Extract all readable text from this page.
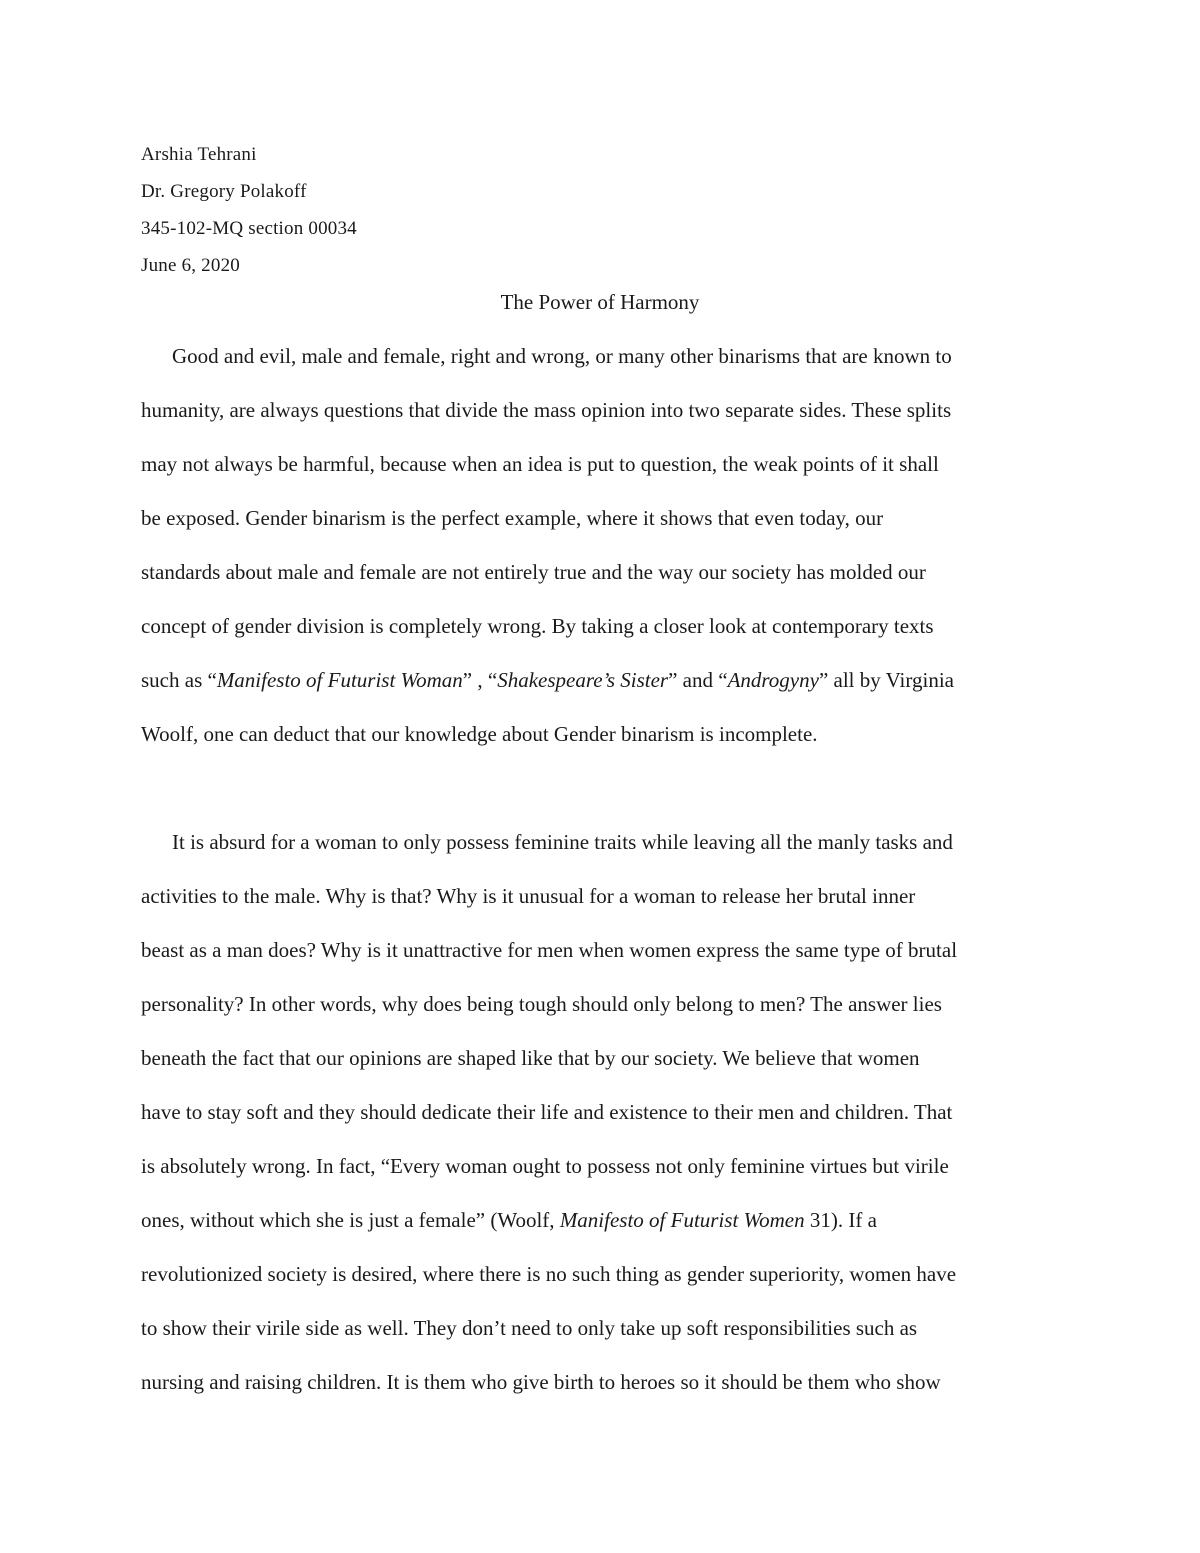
Arshia Tehrani
Dr. Gregory Polakoff
345-102-MQ section 00034
June 6, 2020
The Power of Harmony
Good and evil, male and female, right and wrong, or many other binarisms that are known to
humanity, are always questions that divide the mass opinion into two separate sides. These splits
may not always be harmful, because when an idea is put to question, the weak points of it shall
be exposed. Gender binarism is the perfect example, where it shows that even today, our
standards about male and female are not entirely true and the way our society has molded our
concept of gender division is completely wrong. By taking a closer look at contemporary texts
such as “Manifesto of Futurist Woman” , “Shakespeare’s Sister” and “Androgyny” all by Virginia
Woolf, one can deduct that our knowledge about Gender binarism is incomplete.
It is absurd for a woman to only possess feminine traits while leaving all the manly tasks and
activities to the male. Why is that? Why is it unusual for a woman to release her brutal inner
beast as a man does? Why is it unattractive for men when women express the same type of brutal
personality? In other words, why does being tough should only belong to men? The answer lies
beneath the fact that our opinions are shaped like that by our society. We believe that women
have to stay soft and they should dedicate their life and existence to their men and children. That
is absolutely wrong. In fact, “Every woman ought to possess not only feminine virtues but virile
ones, without which she is just a female” (Woolf, Manifesto of Futurist Women 31). If a
revolutionized society is desired, where there is no such thing as gender superiority, women have
to show their virile side as well. They don’t need to only take up soft responsibilities such as
nursing and raising children. It is them who give birth to heroes so it should be them who show
